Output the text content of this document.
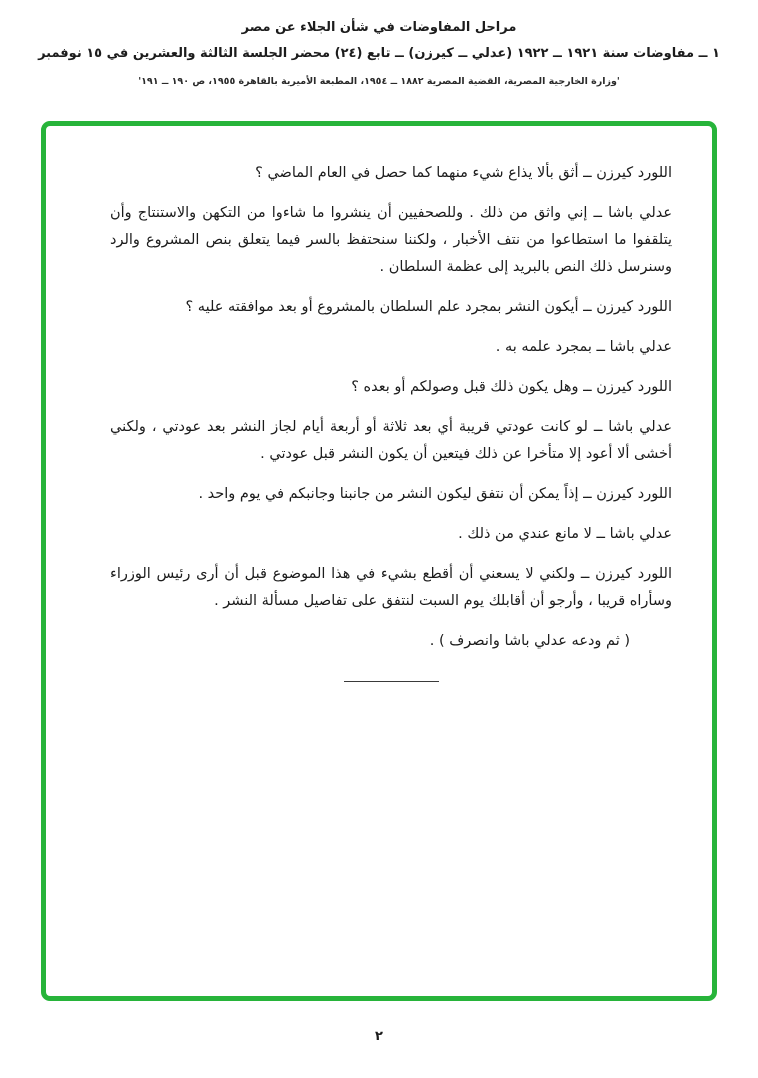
مراحل المفاوضات في شأن الجلاء عن مصر
١ ــ مفاوضات سنة ١٩٢١ ــ ١٩٢٢ (عدلي ــ كيرزن) ــ تابع (٢٤) محضر الجلسة الثالثة والعشرين في ١٥ نوفمبر
'وزارة الخارجية المصرية، القضية المصرية ١٨٨٢ ــ ١٩٥٤، المطبعة الأميرية بالقاهرة ١٩٥٥، ص ١٩٠ ــ ١٩١'

اللورد كيرزن ــ أثق بألا يذاع شيء منهما كما حصل في العام الماضي ؟

عدلي باشا ــ إني واثق من ذلك . وللصحفيين أن ينشروا ما شاءوا من التكهن والاستنتاج وأن يتلقفوا ما استطاعوا من نتف الأخبار ، ولكننا سنحتفظ بالسر فيما يتعلق بنص المشروع والرد وسنرسل ذلك النص بالبريد إلى عظمة السلطان .

اللورد كيرزن ــ أيكون النشر بمجرد علم السلطان بالمشروع أو بعد موافقته عليه ؟

عدلي باشا ــ بمجرد علمه به .

اللورد كيرزن ــ وهل يكون ذلك قبل وصولكم أو بعده ؟

عدلي باشا ــ لو كانت عودتي قريبة أي بعد ثلاثة أو أربعة أيام لجاز النشر بعد عودتي ، ولكني أخشى ألا أعود إلا متأخرا عن ذلك فيتعين أن يكون النشر قبل عودتي .

اللورد كيرزن ــ إذاً يمكن أن نتفق ليكون النشر من جانبنا وجانبكم في يوم واحد .

عدلي باشا ــ لا مانع عندي من ذلك .

اللورد كيرزن ــ ولكني لا يسعني أن أقطع بشيء في هذا الموضوع قبل أن أرى رئيس الوزراء وسأراه قريبا ، وأرجو أن أقابلك يوم السبت لنتفق على تفاصيل مسألة النشر .

( ثم ودعه عدلي باشا وانصرف ) .

٢
